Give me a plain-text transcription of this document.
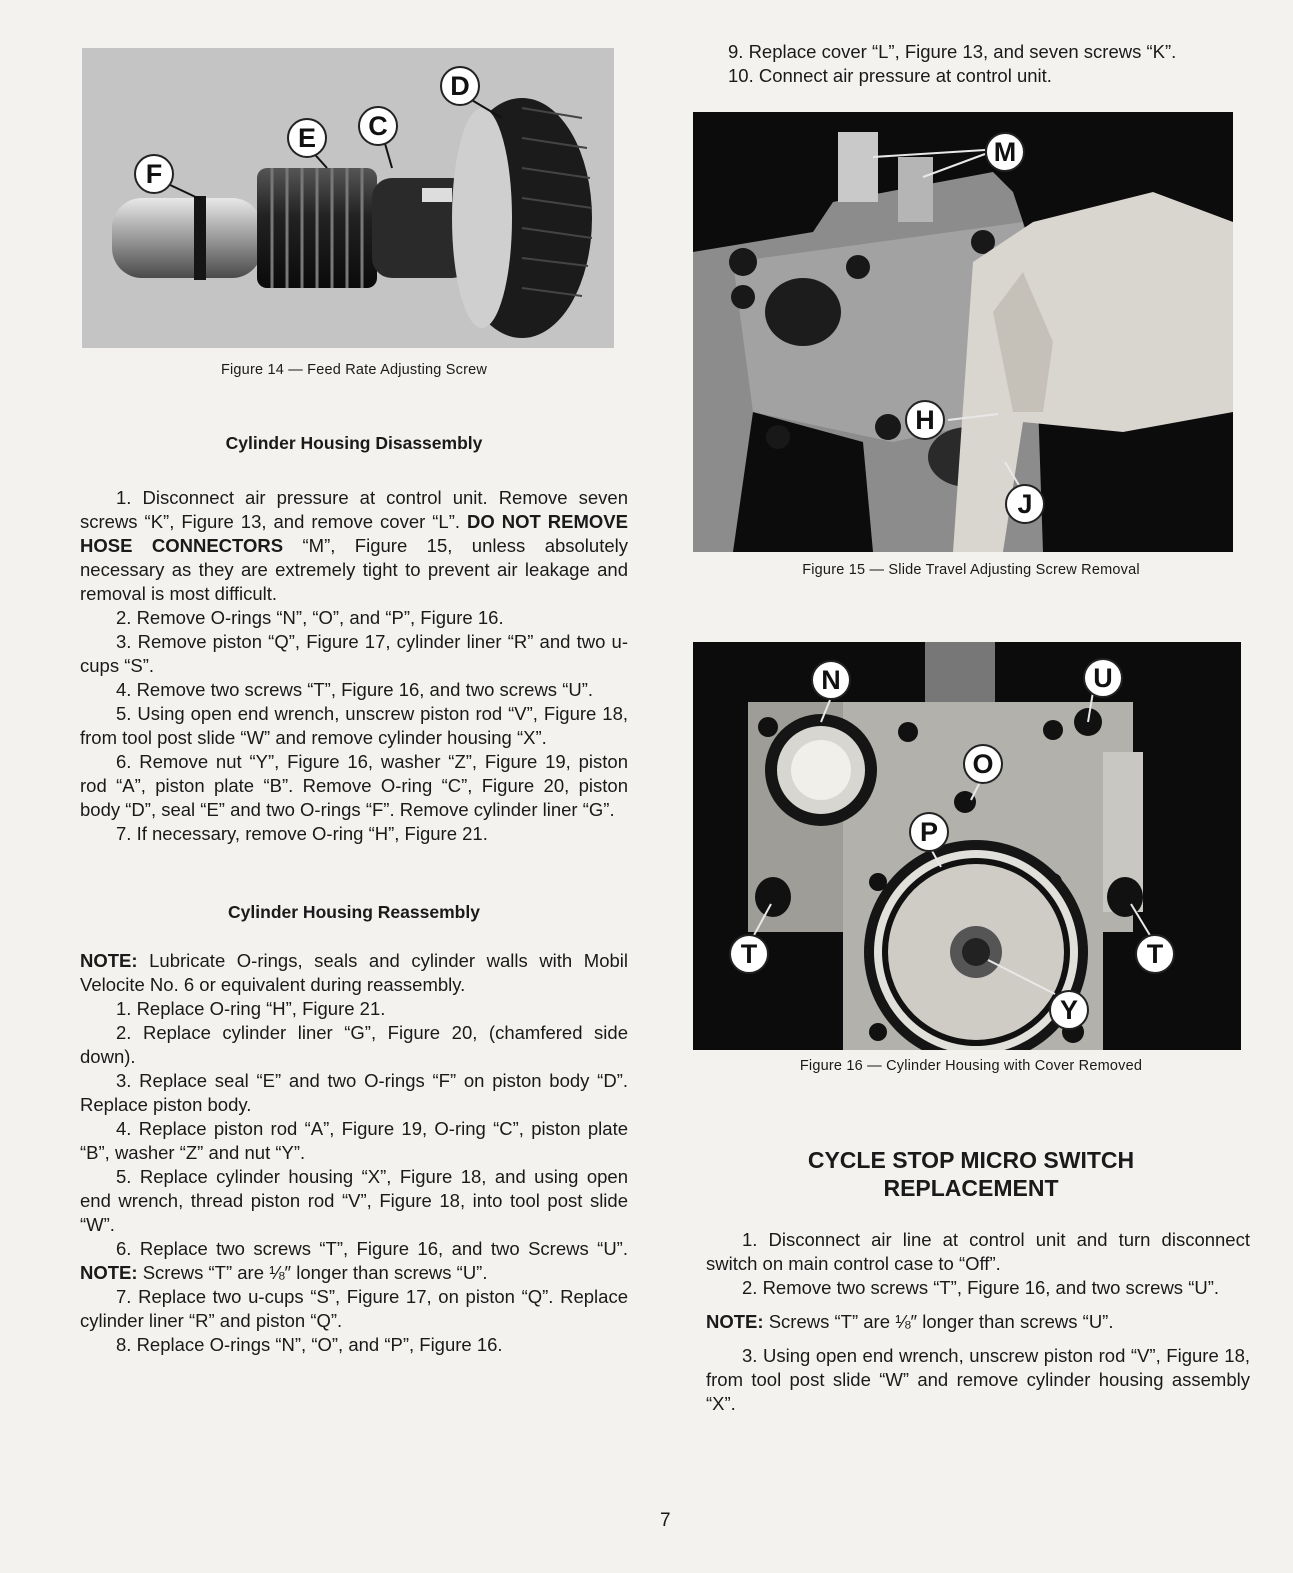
D
E	C
F
Figure 14 — Feed Rate Adjusting Screw

Cylinder Housing Disassembly

1. Disconnect air pressure at control unit. Remove seven screws “K”, Figure 13, and remove cover “L”. DO NOT REMOVE HOSE CONNECTORS “M”, Figure 15, unless absolutely necessary as they are extremely tight to prevent air leakage and removal is most difficult.

2. Remove O-rings “N”, “O”, and “P”, Figure 16.

3. Remove piston “Q”, Figure 17, cylinder liner “R” and two u-cups “S”.

4. Remove two screws “T”, Figure 16, and two screws “U”.

5. Using open end wrench, unscrew piston rod “V”, Figure 18, from tool post slide “W” and remove cylinder housing “X”.

6. Remove nut “Y”, Figure 16, washer “Z”, Figure 19, piston rod “A”, piston plate “B”. Remove O-ring “C”, Figure 20, piston body “D”, seal “E” and two O-rings “F”. Remove cylinder liner “G”.

7. If necessary, remove O-ring “H”, Figure 21.

Cylinder Housing Reassembly

NOTE: Lubricate O-rings, seals and cylinder walls with Mobil Velocite No. 6 or equivalent during reassembly.

1. Replace O-ring “H”, Figure 21.

2. Replace cylinder liner “G”, Figure 20, (chamfered side down).

3. Replace seal “E” and two O-rings “F” on piston body “D”. Replace piston body.

4. Replace piston rod “A”, Figure 19, O-ring “C”, piston plate “B”, washer “Z” and nut “Y”.

5. Replace cylinder housing “X”, Figure 18, and using open end wrench, thread piston rod “V”, Figure 18, into tool post slide “W”.

6. Replace two screws “T”, Figure 16, and two Screws “U”. NOTE: Screws “T” are ⅛″ longer than screws “U”.

7. Replace two u-cups “S”, Figure 17, on piston “Q”. Replace cylinder liner “R” and piston “Q”.

8. Replace O-rings “N”, “O”, and “P”, Figure 16.

9. Replace cover “L”, Figure 13, and seven screws “K”.

10. Connect air pressure at control unit.

M
H
J
Figure 15 — Slide Travel Adjusting Screw Removal
N	U
O
P
T	T
Y
Figure 16 — Cylinder Housing with Cover Removed

CYCLE STOP MICRO SWITCH

REPLACEMENT

1. Disconnect air line at control unit and turn disconnect switch on main control case to “Off”.

2. Remove two screws “T”, Figure 16, and two screws “U”.

NOTE: Screws “T” are ⅛″ longer than screws “U”.

3. Using open end wrench, unscrew piston rod “V”, Figure 18, from tool post slide “W” and remove cylinder housing assembly “X”.

7
